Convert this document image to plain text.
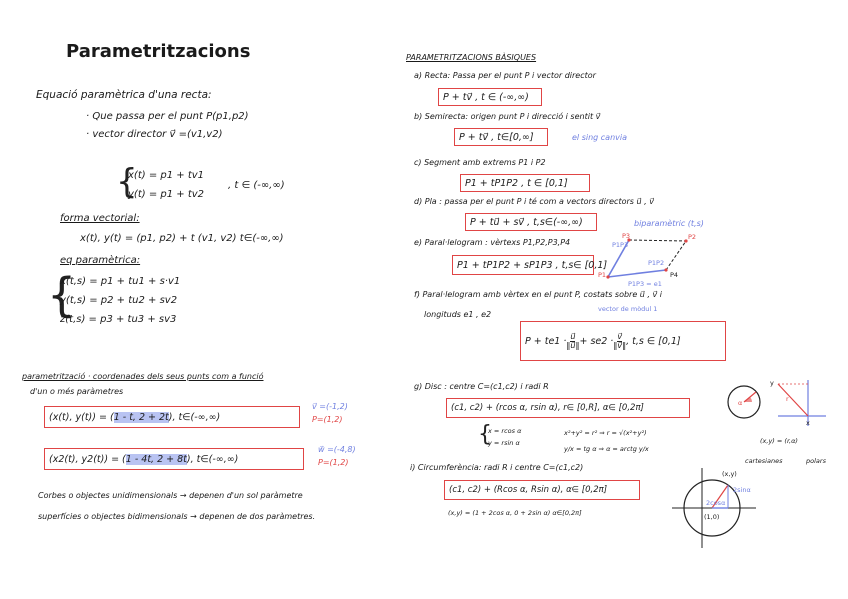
Parametritzacions
Equació paramètrica d'una recta:
· Que passa per el punt P(p1,p2)
· vector director v⃗ =(v1,v2)
{
x(t) = p1 + tv1
y(t) = p1 + tv2
, t ∈ (-∞,∞)
forma vectorial:
x(t), y(t) = (p1, p2) + t (v1, v2) t∈(-∞,∞)
eq paramètrica:
{
x(t,s) = p1 + tu1 + s·v1
y(t,s) = p2 + tu2 + sv2
z(t,s) = p3 + tu3 + sv3
parametrització · coordenades dels seus punts com a funció
d'un o més paràmetres
(x(t), y(t)) = ( 1 - t, 2 + 2t ), t∈(-∞,∞)
v⃗ =(-1,2)
P=(1,2)
(x2(t), y2(t)) = ( 1 - 4t, 2 + 8t ), t∈(-∞,∞)
w⃗ =(-4,8)
P=(1,2)
Corbes o objectes unidimensionals → depenen d'un sol paràmetre
superfícies o objectes bidimensionals → depenen de dos paràmetres.
PARAMETRITZACIONS BÀSIQUES
a) Recta: Passa per el punt P i vector director
P + tv⃗ , t ∈ (-∞,∞)
b) Semirecta: origen punt P i direcció i sentit v⃗
P + tv⃗ , t∈[0,∞]	el sing canvia
c) Segment amb extrems P1 i P2
P1 + tP1P2 , t ∈ [0,1]
d) Pla : passa per el punt P i té com a vectors directors u⃗ , v⃗
P + tu⃗ + sv⃗ , t,s∈(-∞,∞)	biparamètric (t,s)
e) Paral·lelogram : vèrtexs P1,P2,P3,P4
P1 + tP1P2 + sP1P3 , t,s∈ [0,1]
P3	P2
P1	P4
P1P3
P1P2
P1P3 = e1
f) Paral·lelogram amb vèrtex en el punt P, costats sobre u⃗ , v⃗ i
longituds e1 , e2
vector de mòdul 1
$P + te1 \cdot \frac{u⃗}{‖u⃗‖} + se2 \cdot \frac{v⃗}{‖v⃗‖}$ , t,s ∈ [0,1]
g) Disc : centre C=(c1,c2) i radi R
(c1, c2) + (rcos α, rsin α), r∈ [0,R], α∈ [0,2π]
{
x = rcos α
y = rsin α
x²+y² = r² ⇒ r = √(x²+y²)
y/x = tg α ⇒ α = arctg y/x
y
x
r
α
(x,y) = (r,α)
cartesianes	polars
i) Circumferència: radi R i centre C=(c1,c2)
(c1, c2) + (Rcos α, Rsin α), α∈ [0,2π]
(x,y) = (1 + 2cos α, 0 + 2sin α) α∈[0,2π]
(x,y)
2sinα
2cosα
(1,0)
